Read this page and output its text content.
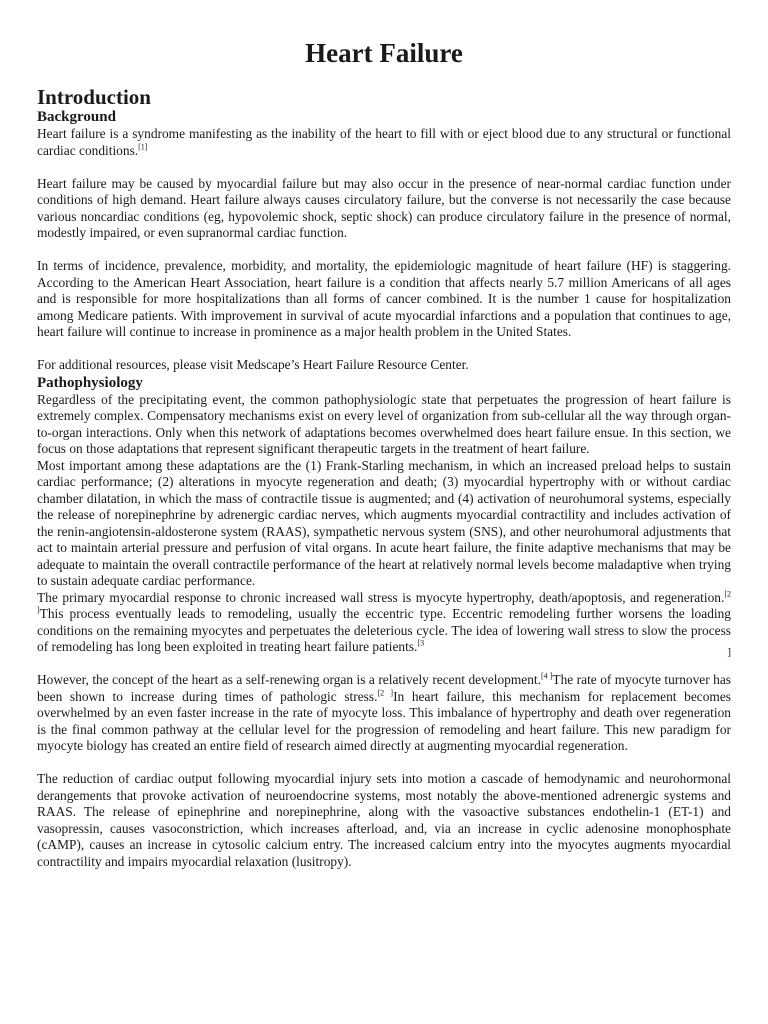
Heart Failure
Introduction
Background

Heart failure is a syndrome manifesting as the inability of the heart to fill with or eject blood due to any structural or functional cardiac conditions.[1]

Heart failure may be caused by myocardial failure but may also occur in the presence of near-normal cardiac function under conditions of high demand. Heart failure always causes circulatory failure, but the converse is not necessarily the case because various noncardiac conditions (eg, hypovolemic shock, septic shock) can produce circulatory failure in the presence of normal, modestly impaired, or even supranormal cardiac function.

In terms of incidence, prevalence, morbidity, and mortality, the epidemiologic magnitude of heart failure (HF) is staggering. According to the American Heart Association, heart failure is a condition that affects nearly 5.7 million Americans of all ages and is responsible for more hospitalizations than all forms of cancer combined. It is the number 1 cause for hospitalization among Medicare patients. With improvement in survival of acute myocardial infarctions and a population that continues to age, heart failure will continue to increase in prominence as a major health problem in the United States.

For additional resources, please visit Medscape’s Heart Failure Resource Center.

Pathophysiology

Regardless of the precipitating event, the common pathophysiologic state that perpetuates the progression of heart failure is extremely complex. Compensatory mechanisms exist on every level of organization from sub-cellular all the way through organ-to-organ interactions. Only when this network of adaptations becomes overwhelmed does heart failure ensue. In this section, we focus on those adaptations that represent significant therapeutic targets in the treatment of heart failure.

Most important among these adaptations are the (1) Frank-Starling mechanism, in which an increased preload helps to sustain cardiac performance; (2) alterations in myocyte regeneration and death; (3) myocardial hypertrophy with or without cardiac chamber dilatation, in which the mass of contractile tissue is augmented; and (4) activation of neurohumoral systems, especially the release of norepinephrine by adrenergic cardiac nerves, which augments myocardial contractility and includes activation of the renin-angiotensin-aldosterone system (RAAS), sympathetic nervous system (SNS), and other neurohumoral adjustments that act to maintain arterial pressure and perfusion of vital organs. In acute heart failure, the finite adaptive mechanisms that may be adequate to maintain the overall contractile performance of the heart at relatively normal levels become maladaptive when trying to sustain adequate cardiac performance.

The primary myocardial response to chronic increased wall stress is myocyte hypertrophy, death/apoptosis, and regeneration.[2 ]This process eventually leads to remodeling, usually the eccentric type. Eccentric remodeling further worsens the loading conditions on the remaining myocytes and perpetuates the deleterious cycle. The idea of lowering wall stress to slow the process of remodeling has long been exploited in treating heart failure patients.$^{[3}$

]

However, the concept of the heart as a self-renewing organ is a relatively recent development.[4 ]The rate of myocyte turnover has been shown to increase during times of pathologic stress.[2 ]In heart failure, this mechanism for replacement becomes overwhelmed by an even faster increase in the rate of myocyte loss. This imbalance of hypertrophy and death over regeneration is the final common pathway at the cellular level for the progression of remodeling and heart failure. This new paradigm for myocyte biology has created an entire field of research aimed directly at augmenting myocardial regeneration.

The reduction of cardiac output following myocardial injury sets into motion a cascade of hemodynamic and neurohormonal derangements that provoke activation of neuroendocrine systems, most notably the above-mentioned adrenergic systems and RAAS. The release of epinephrine and norepinephrine, along with the vasoactive substances endothelin-1 (ET-1) and vasopressin, causes vasoconstriction, which increases afterload, and, via an increase in cyclic adenosine monophosphate (cAMP), causes an increase in cytosolic calcium entry. The increased calcium entry into the myocytes augments myocardial contractility and impairs myocardial relaxation (lusitropy).
